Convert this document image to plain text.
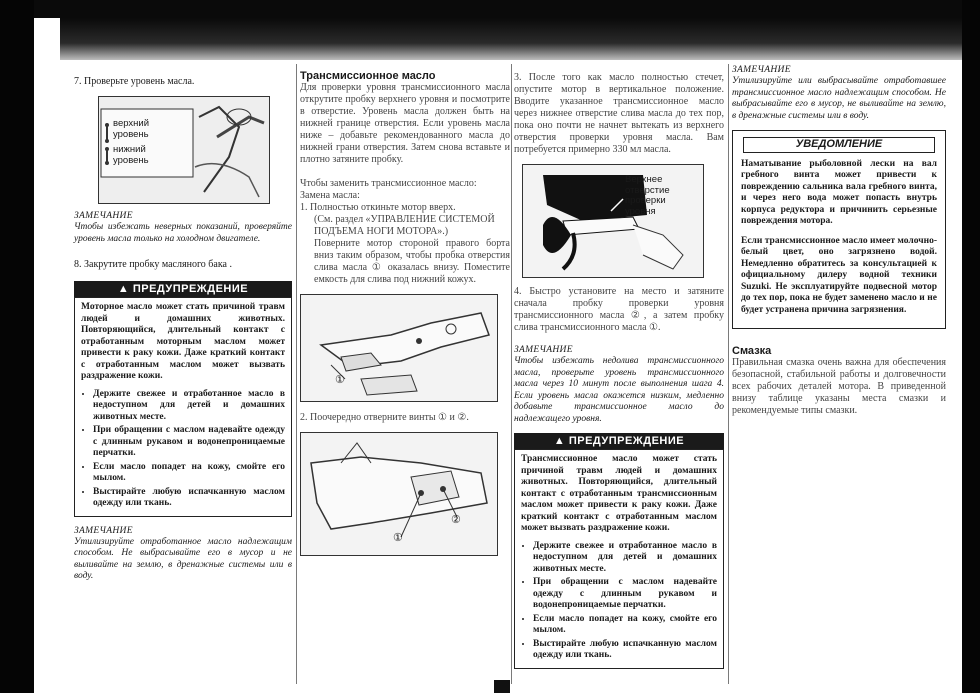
7. Проверьте уровень масла.

верхний
уровень
нижний
уровень

ЗАМЕЧАНИЕ

Чтобы избежать неверных показаний, проверяйте уровень масла только на холодном двигателе.

8. Закрутите пробку масляного бака .

▲ ПРЕДУПРЕЖДЕНИЕ

Моторное масло может стать причиной травм людей и домашних животных. Повторяющийся, длительный контакт с отработанным моторным маслом может привести к раку кожи. Даже краткий контакт с отработанным маслом может вызвать раздражение кожи.

• Держите свежее и отработанное масло в недоступном для детей и домашних животных месте.
• При обращении с маслом надевайте одежду с длинным рукавом и водонепроницаемые перчатки.
• Если масло попадет на кожу, смойте его мылом.
• Выстирайте любую испачканную маслом одежду или ткань.

ЗАМЕЧАНИЕ

Утилизируйте отработанное масло надлежащим способом. Не выбрасывайте его в мусор и не выливайте на землю, в дренажные системы или в воду.

Трансмиссионное масло

Для проверки уровня трансмиссионного масла открутите пробку верхнего уровня и посмотрите в отверстие. Уровень масла должен быть на нижней границе отверстия. Если уровень масла ниже – добавьте рекомендованного масла до нижней грани отверстия. Затем снова вставьте и плотно затяните пробку.

Чтобы заменить трансмиссионное масло:

Замена масла:

1. Полностью откиньте мотор вверх.

(См. раздел «УПРАВЛЕНИЕ СИСТЕМОЙ ПОДЪЕМА НОГИ МОТОРА».)

Поверните мотор стороной правого борта вниз таким образом, чтобы пробка отверстия слива масла ① оказалась внизу. Поместите емкость для слива под нижний кожух.

①

2. Поочередно отверните винты ① и ②.

①
②

3. После того как масло полностью стечет, опустите мотор в вертикальное положение. Вводите указанное трансмиссионное масло через нижнее отверстие слива масла до тех пор, пока оно почти не начнет вытекать из верхнего отверстия проверки уровня масла. Вам потребуется примерно 330 мл масла.

Верхнее
отверстие
проверки
уровня

4. Быстро установите на место и затяните сначала пробку проверки уровня трансмиссионного масла ②, а затем пробку слива трансмиссионного масла ①.

ЗАМЕЧАНИЕ

Чтобы избежать недолива трансмиссионного масла, проверьте уровень трансмиссионного масла через 10 минут после выполнения шага 4. Если уровень масла окажется низким, медленно добавьте трансмиссионное масло до надлежащего уровня.

▲ ПРЕДУПРЕЖДЕНИЕ

Трансмиссионное масло может стать причиной травм людей и домашних животных. Повторяющийся, длительный контакт с отработанным трансмиссионным маслом может привести к раку кожи. Даже краткий контакт с отработанным маслом может вызвать раздражение кожи.

• Держите свежее и отработанное масло в недоступном для детей и домашних животных месте.
• При обращении с маслом надевайте одежду с длинным рукавом и водонепроницаемые перчатки.
• Если масло попадет на кожу, смойте его мылом.
• Выстирайте любую испачканную маслом одежду или ткань.

ЗАМЕЧАНИЕ

Утилизируйте или выбрасывайте отработавшее трансмиссионное масло надлежащим способом. Не выбрасывайте его в мусор, не выливайте на землю, в дренажные системы или в воду.

УВЕДОМЛЕНИЕ

Наматывание рыболовной лески на вал гребного винта может привести к повреждению сальника вала гребного винта, и через него вода может попасть внутрь корпуса редуктора и причинить серьезные повреждения мотора.

Если трансмиссионное масло имеет молочно-белый цвет, оно загрязнено водой. Немедленно обратитесь за консультацией к официальному дилеру водной техники Suzuki. Не эксплуатируйте подвесной мотор до тех пор, пока не будет заменено масло и не будет устранена причина загрязнения.

Смазка

Правильная смазка очень важна для обеспечения безопасной, стабильной работы и долговечности всех рабочих деталей мотора. В приведенной внизу таблице указаны места смазки и рекомендуемые типы смазки.
